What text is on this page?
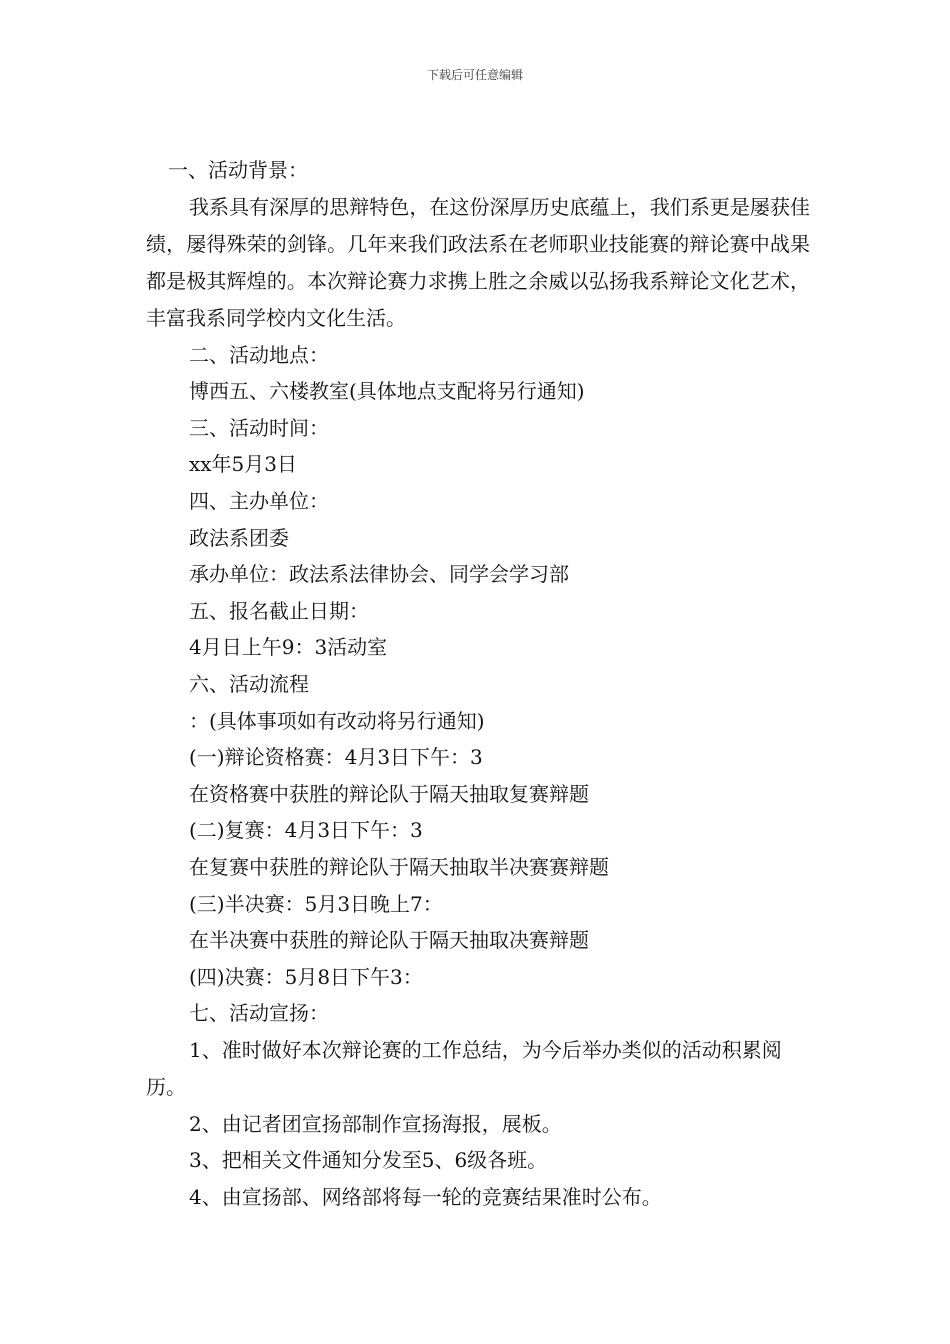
下载后可任意编辑
一、活动背景：
我系具有深厚的思辩特色，在这份深厚历史底蕴上，我们系更是屡获佳绩，屡得殊荣的剑锋。几年来我们政法系在老师职业技能赛的辩论赛中战果都是极其辉煌的。本次辩论赛力求携上胜之余威以弘扬我系辩论文化艺术，丰富我系同学校内文化生活。
二、活动地点：
博西五、六楼教室(具体地点支配将另行通知)
三、活动时间：
xx年5月3日
四、主办单位：
政法系团委
承办单位：政法系法律协会、同学会学习部
五、报名截止日期：
4月日上午9：3活动室
六、活动流程
：(具体事项如有改动将另行通知)
(一)辩论资格赛：4月3日下午：3
在资格赛中获胜的辩论队于隔天抽取复赛辩题
(二)复赛：4月3日下午：3
在复赛中获胜的辩论队于隔天抽取半决赛赛辩题
(三)半决赛：5月3日晚上7：
在半决赛中获胜的辩论队于隔天抽取决赛辩题
(四)决赛：5月8日下午3：
七、活动宣扬：
1、准时做好本次辩论赛的工作总结，为今后举办类似的活动积累阅历。
2、由记者团宣扬部制作宣扬海报，展板。
3、把相关文件通知分发至5、6级各班。
4、由宣扬部、网络部将每一轮的竞赛结果准时公布。
